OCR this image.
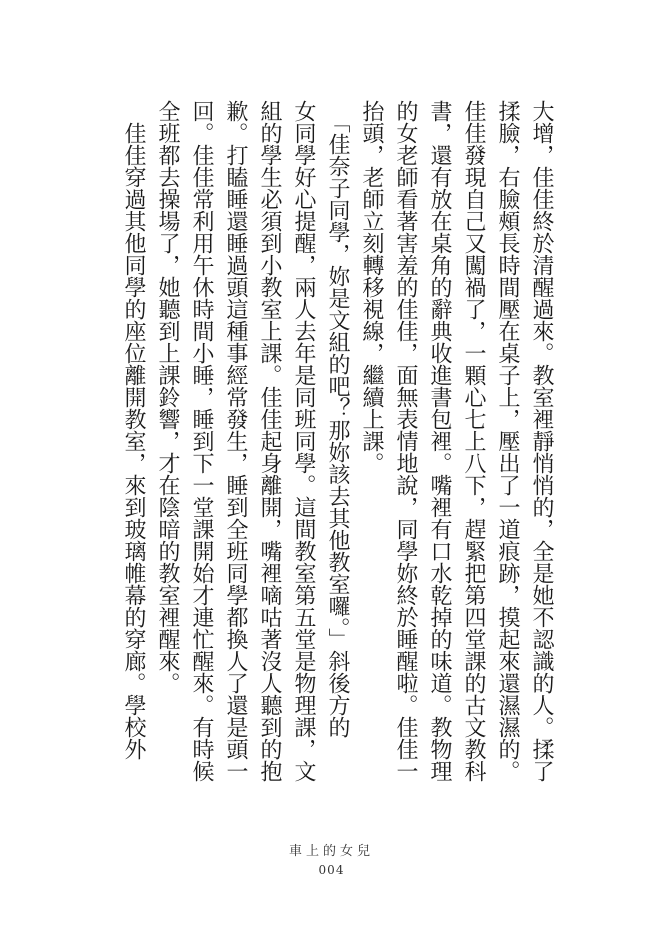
大增，佳佳終於清醒過來。教室裡靜悄悄的，全是她不認識的人。揉了
揉臉，右臉頰長時間壓在桌子上，壓出了一道痕跡，摸起來還濕濕的。
佳佳發現自己又闖禍了，一顆心七上八下，趕緊把第四堂課的古文教科
書，還有放在桌角的辭典收進書包裡。嘴裡有口水乾掉的味道。教物理
的女老師看著害羞的佳佳，面無表情地說，同學妳終於睡醒啦。佳佳一
抬頭，老師立刻轉移視線，繼續上課。
　「佳奈子同學，妳是文組的吧？那妳該去其他教室囉。」斜後方的
女同學好心提醒，兩人去年是同班同學。這間教室第五堂是物理課，文
組的學生必須到小教室上課。佳佳起身離開，嘴裡嘀咕著沒人聽到的抱
歉。打瞌睡還睡過頭這種事經常發生，睡到全班同學都換人了還是頭一
回。佳佳常利用午休時間小睡，睡到下一堂課開始才連忙醒來。有時候
全班都去操場了，她聽到上課鈴響，才在陰暗的教室裡醒來。
　佳佳穿過其他同學的座位離開教室，來到玻璃帷幕的穿廊。學校外
車上的女兒
004
